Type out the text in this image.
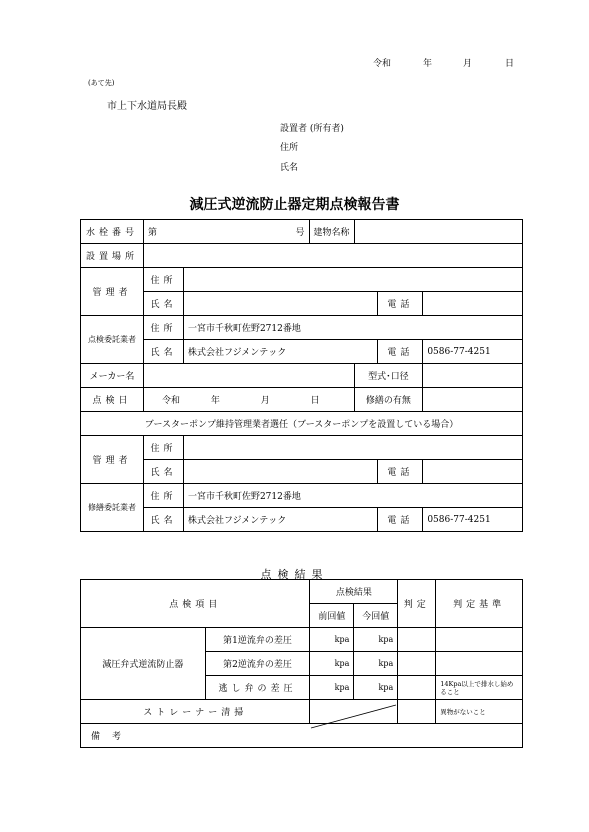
令和	年	月	日
(あて先)
市上下水道局長殿
設置者 (所有者)
住所
氏名
減圧式逆流防止器定期点検報告書
水栓番号	第 号		建物名称			
設置場所						
管理者	住所					
	氏名				電話	
点検委託業者	住所	一宮市千秋町佐野2712番地				
	氏名	株式会社フジメンテック			電話	0586-77-4251
メーカー名				型式･口径		
点検日	令和 年 月 日			修繕の有無		
ブースターポンプ維持管理業者選任（ブースターポンプを設置している場合）						
管理者	住所					
	氏名				電話	
修繕委託業者	住所	一宮市千秋町佐野2712番地				
	氏名	株式会社フジメンテック			電話	0586-77-4251
点検結果
点検項目		点検結果		判定	判定基準
		前回値	今回値		
減圧弁式逆流防止器	第1逆流弁の差圧	kpa	kpa		
	第2逆流弁の差圧	kpa	kpa		
	逃し弁の差圧	kpa	kpa		14Kpa以上で排水し始めること
ストレーナー清掃					異物がないこと
備考					
